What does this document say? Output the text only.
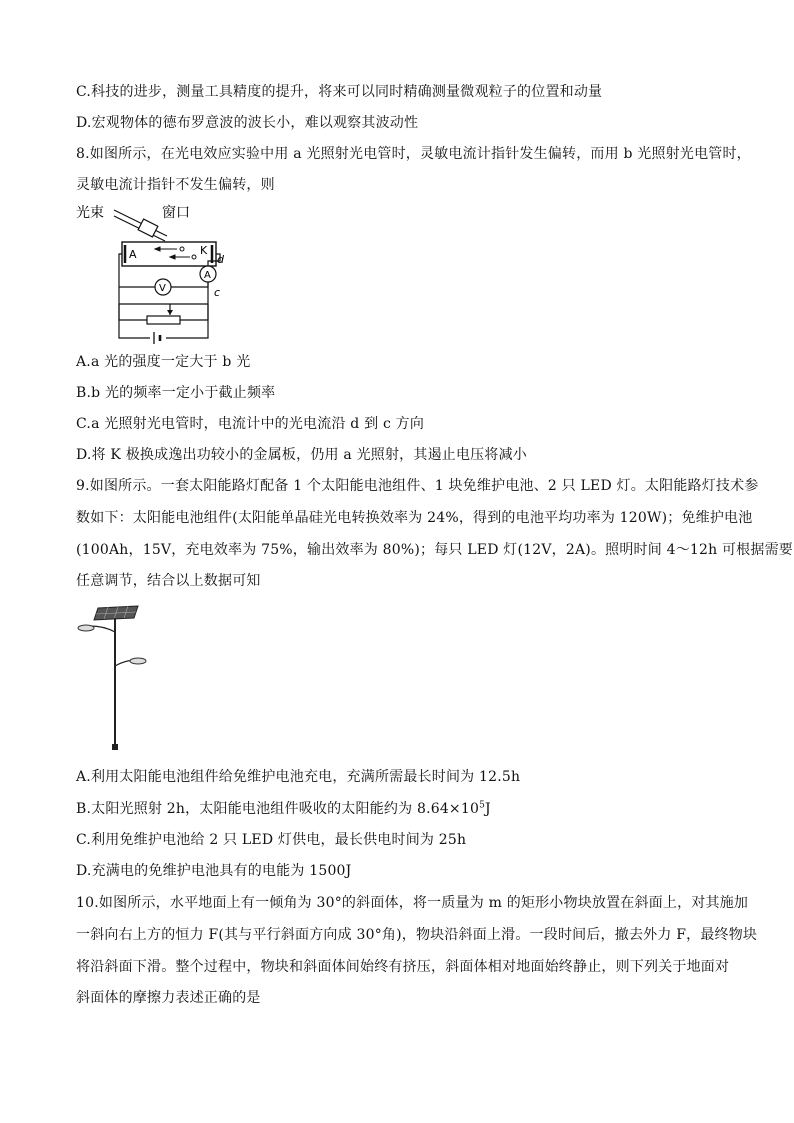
C.科技的进步，测量工具精度的提升，将来可以同时精确测量微观粒子的位置和动量
D.宏观物体的德布罗意波的波长小，难以观察其波动性
8.如图所示，在光电效应实验中用 a 光照射光电管时，灵敏电流计指针发生偏转，而用 b 光照射光电管时，
灵敏电流计指针不发生偏转，则
光束	窗口
A	K
V
A
d
c
A.a 光的强度一定大于 b 光
B.b 光的频率一定小于截止频率
C.a 光照射光电管时，电流计中的光电流沿 d 到 c 方向
D.将 K 极换成逸出功较小的金属板，仍用 a 光照射，其遏止电压将减小
9.如图所示。一套太阳能路灯配备 1 个太阳能电池组件、1 块免维护电池、2 只 LED 灯。太阳能路灯技术参
数如下：太阳能电池组件(太阳能单晶硅光电转换效率为 24%，得到的电池平均功率为 120W)；免维护电池
(100Ah，15V，充电效率为 75%，输出效率为 80%)；每只 LED 灯(12V，2A)。照明时间 4～12h 可根据需要
任意调节，结合以上数据可知
A.利用太阳能电池组件给免维护电池充电，充满所需最长时间为 12.5h
B.太阳光照射 2h，太阳能电池组件吸收的太阳能约为 $8.64\times 10^5J$
C.利用免维护电池给 2 只 LED 灯供电，最长供电时间为 25h
D.充满电的免维护电池具有的电能为 1500J
10.如图所示，水平地面上有一倾角为 30°的斜面体，将一质量为 m 的矩形小物块放置在斜面上，对其施加
一斜向右上方的恒力 F(其与平行斜面方向成 30°角)，物块沿斜面上滑。一段时间后，撤去外力 F，最终物块
将沿斜面下滑。整个过程中，物块和斜面体间始终有挤压，斜面体相对地面始终静止，则下列关于地面对
斜面体的摩擦力表述正确的是
